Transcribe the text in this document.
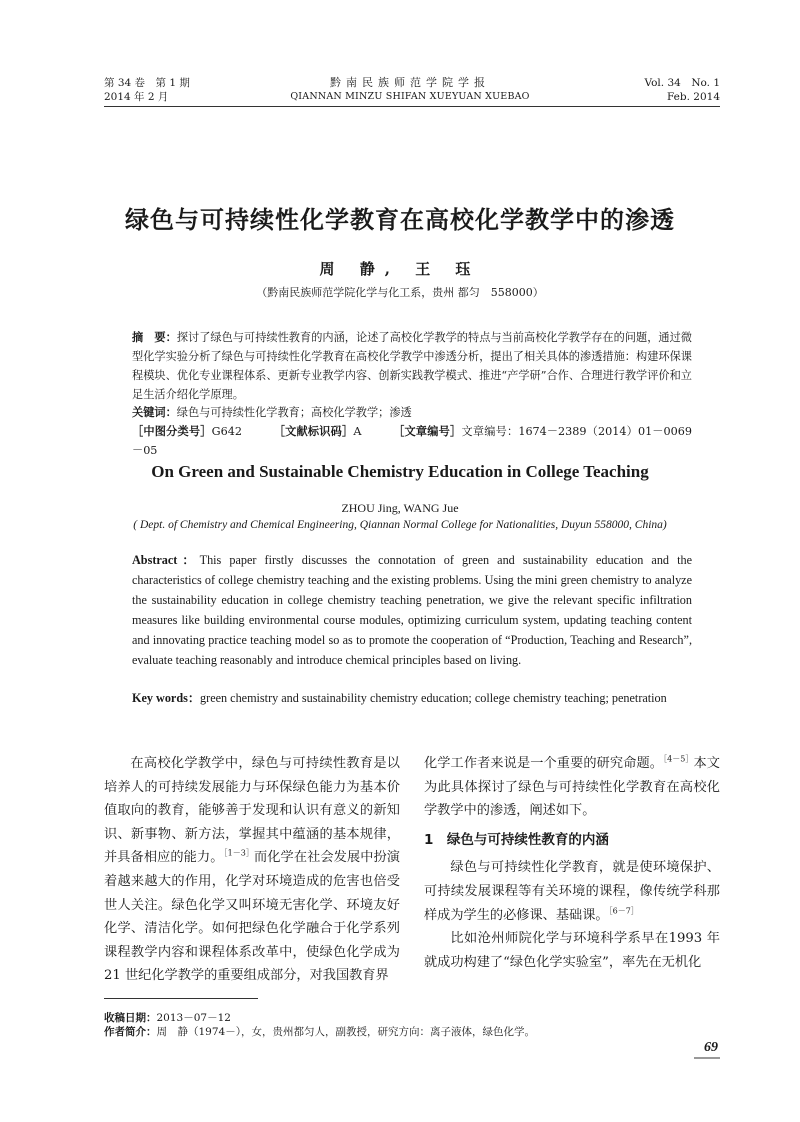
第 34 卷　第 1 期
2014 年 2 月
黔南民族师范学院学报
QIANNAN MINZU SHIFAN XUEYUAN XUEBAO
Vol. 34　No. 1
Feb. 2014
绿色与可持续性化学教育在高校化学教学中的渗透
周 静, 王 珏
（黔南民族师范学院化学与化工系，贵州 都匀　558000）
摘　要：探讨了绿色与可持续性教育的内涵，论述了高校化学教学的特点与当前高校化学教学存在的问题，通过微型化学实验分析了绿色与可持续性化学教育在高校化学教学中渗透分析，提出了相关具体的渗透措施：构建环保课程模块、优化专业课程体系、更新专业教学内容、创新实践教学模式、推进“产学研”合作、合理进行教学评价和立足生活介绍化学原理。
关键词：绿色与可持续性化学教育；高校化学教学；渗透
［中图分类号］G642	［文献标识码］A	［文章编号］文章编号：1674－2389（2014）01－0069－05
On Green and Sustainable Chemistry Education in College Teaching
ZHOU Jing, WANG Jue
( Dept. of Chemistry and Chemical Engineering, Qiannan Normal College for Nationalities, Duyun 558000, China)
Abstract：This paper firstly discusses the connotation of green and sustainability education and the characteristics of college chemistry teaching and the existing problems. Using the mini green chemistry to analyze the sustainability education in college chemistry teaching penetration, we give the relevant specific infiltration measures like building environmental course modules, optimizing curriculum system, updating teaching content and innovating practice teaching model so as to promote the cooperation of “Production, Teaching and Research”, evaluate teaching reasonably and introduce chemical principles based on living.
Key words：green chemistry and sustainability chemistry education; college chemistry teaching; penetration

在高校化学教学中，绿色与可持续性教育是以培养人的可持续发展能力与环保绿色能力为基本价值取向的教育，能够善于发现和认识有意义的新知识、新事物、新方法，掌握其中蕴涵的基本规律，并具备相应的能力。$^{[1-3]}$而化学在社会发展中扮演着越来越大的作用，化学对环境造成的危害也倍受世人关注。绿色化学又叫环境无害化学、环境友好化学、清洁化学。如何把绿色化学融合于化学系列课程教学内容和课程体系改革中，使绿色化学成为21 世纪化学教学的重要组成部分，对我国教育界

化学工作者来说是一个重要的研究命题。$^{[4-5]}$本文为此具体探讨了绿色与可持续性化学教育在高校化学教学中的渗透，阐述如下。

1　绿色与可持续性教育的内涵

绿色与可持续性化学教育，就是使环境保护、可持续发展课程等有关环境的课程，像传统学科那样成为学生的必修课、基础课。$^{[6-7]}$

比如沧州师院化学与环境科学系早在1993 年就成功构建了“绿色化学实验室”，率先在无机化

收稿日期：2013－07－12
作者简介：周　静（1974－），女，贵州都匀人，副教授，研究方向：离子液体，绿色化学。
69
